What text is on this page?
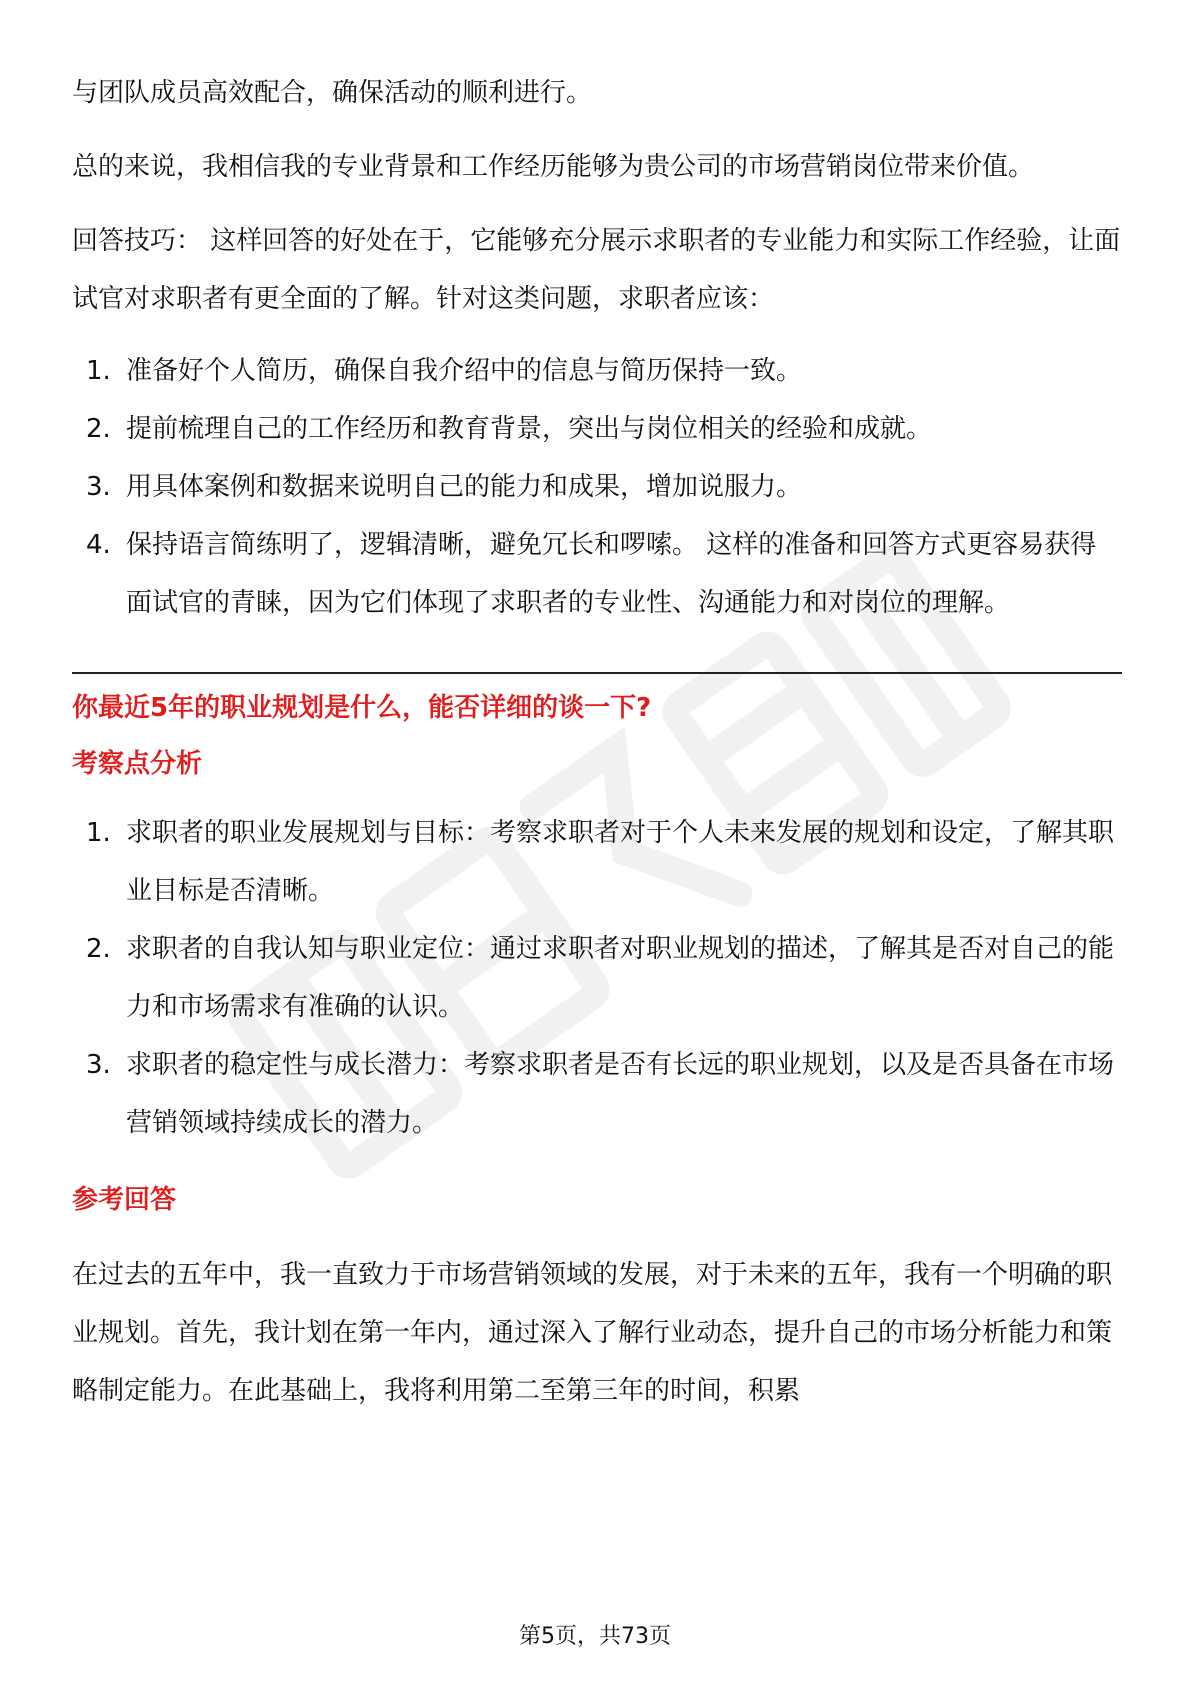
与团队成员高效配合，确保活动的顺利进行。

总的来说，我相信我的专业背景和工作经历能够为贵公司的市场营销岗位带来价值。

回答技巧： 这样回答的好处在于，它能够充分展示求职者的专业能力和实际工作经验，让面试官对求职者有更全面的了解。针对这类问题，求职者应该：

1. 准备好个人简历，确保自我介绍中的信息与简历保持一致。
2. 提前梳理自己的工作经历和教育背景，突出与岗位相关的经验和成就。
3. 用具体案例和数据来说明自己的能力和成果，增加说服力。
4. 保持语言简练明了，逻辑清晰，避免冗长和啰嗦。 这样的准备和回答方式更容易获得面试官的青睐，因为它们体现了求职者的专业性、沟通能力和对岗位的理解。
你最近5年的职业规划是什么，能否详细的谈一下?
考察点分析
1. 求职者的职业发展规划与目标：考察求职者对于个人未来发展的规划和设定，了解其职业目标是否清晰。
2. 求职者的自我认知与职业定位：通过求职者对职业规划的描述，了解其是否对自己的能力和市场需求有准确的认识。
3. 求职者的稳定性与成长潜力：考察求职者是否有长远的职业规划，以及是否具备在市场营销领域持续成长的潜力。
参考回答

在过去的五年中，我一直致力于市场营销领域的发展，对于未来的五年，我有一个明确的职业规划。首先，我计划在第一年内，通过深入了解行业动态，提升自己的市场分析能力和策略制定能力。在此基础上，我将利用第二至第三年的时间，积累

第5页，共73页
